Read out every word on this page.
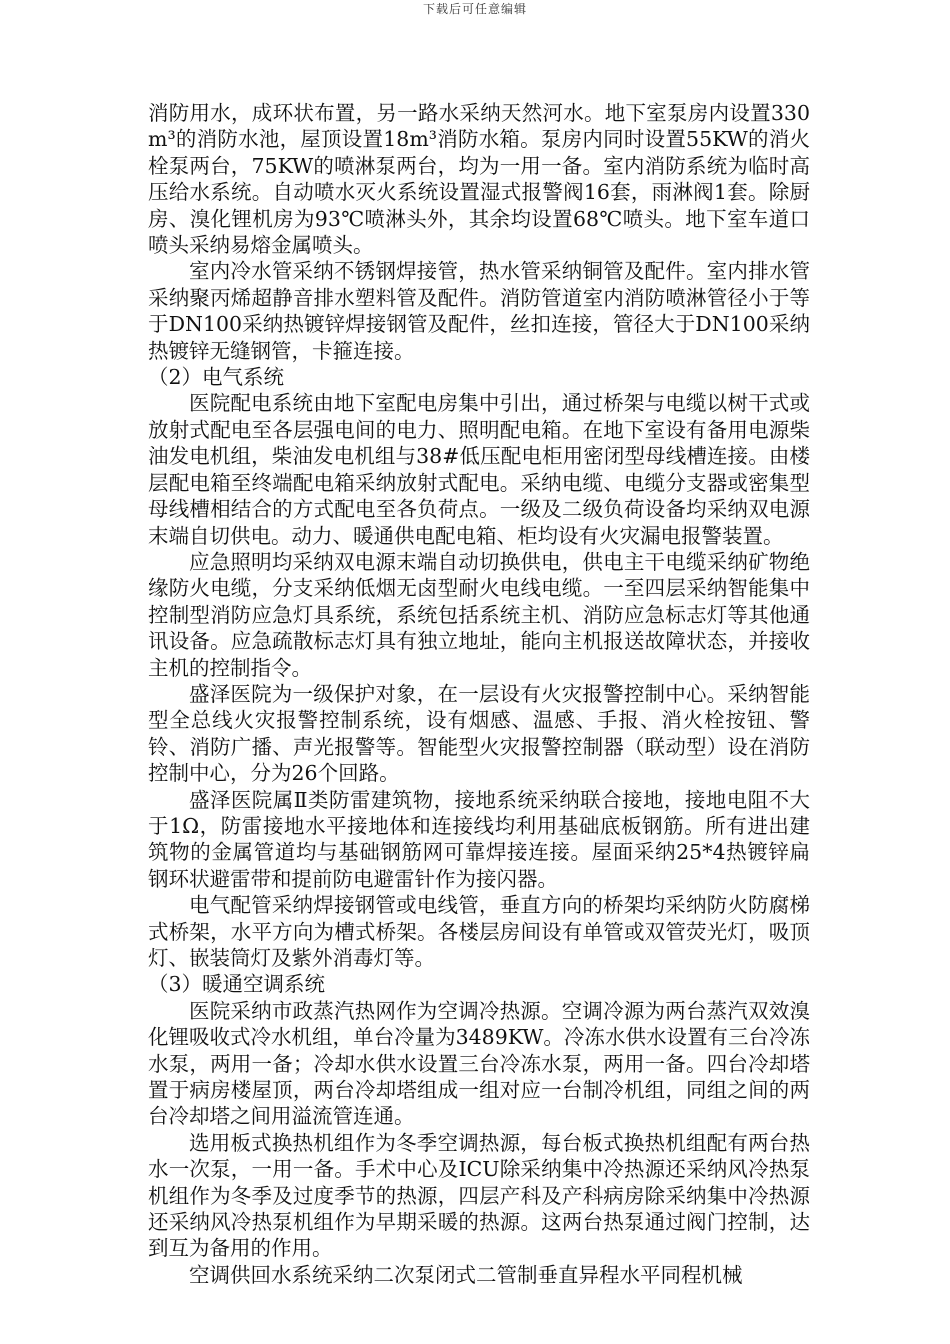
下载后可任意编辑

消防用水，成环状布置，另一路水采纳天然河水。地下室泵房内设置330m³的消防水池，屋顶设置18m³消防水箱。泵房内同时设置55KW的消火栓泵两台，75KW的喷淋泵两台，均为一用一备。室内消防系统为临时高压给水系统。自动喷水灭火系统设置湿式报警阀16套，雨淋阀1套。除厨房、溴化锂机房为93℃喷淋头外，其余均设置68℃喷头。地下室车道口喷头采纳易熔金属喷头。

室内冷水管采纳不锈钢焊接管，热水管采纳铜管及配件。室内排水管采纳聚丙烯超静音排水塑料管及配件。消防管道室内消防喷淋管径小于等于DN100采纳热镀锌焊接钢管及配件，丝扣连接，管径大于DN100采纳热镀锌无缝钢管，卡箍连接。

（2）电气系统

医院配电系统由地下室配电房集中引出，通过桥架与电缆以树干式或放射式配电至各层强电间的电力、照明配电箱。在地下室设有备用电源柴油发电机组，柴油发电机组与38#低压配电柜用密闭型母线槽连接。由楼层配电箱至终端配电箱采纳放射式配电。采纳电缆、电缆分支器或密集型母线槽相结合的方式配电至各负荷点。一级及二级负荷设备均采纳双电源末端自切供电。动力、暖通供电配电箱、柜均设有火灾漏电报警装置。

应急照明均采纳双电源末端自动切换供电，供电主干电缆采纳矿物绝缘防火电缆，分支采纳低烟无卤型耐火电线电缆。一至四层采纳智能集中控制型消防应急灯具系统，系统包括系统主机、消防应急标志灯等其他通讯设备。应急疏散标志灯具有独立地址，能向主机报送故障状态，并接收主机的控制指令。

盛泽医院为一级保护对象，在一层设有火灾报警控制中心。采纳智能型全总线火灾报警控制系统，设有烟感、温感、手报、消火栓按钮、警铃、消防广播、声光报警等。智能型火灾报警控制器（联动型）设在消防控制中心，分为26个回路。

盛泽医院属Ⅱ类防雷建筑物，接地系统采纳联合接地，接地电阻不大于1Ω，防雷接地水平接地体和连接线均利用基础底板钢筋。所有进出建筑物的金属管道均与基础钢筋网可靠焊接连接。屋面采纳25*4热镀锌扁钢环状避雷带和提前防电避雷针作为接闪器。

电气配管采纳焊接钢管或电线管，垂直方向的桥架均采纳防火防腐梯式桥架，水平方向为槽式桥架。各楼层房间设有单管或双管荧光灯，吸顶灯、嵌装筒灯及紫外消毒灯等。

（3）暖通空调系统

医院采纳市政蒸汽热网作为空调冷热源。空调冷源为两台蒸汽双效溴化锂吸收式冷水机组，单台冷量为3489KW。冷冻水供水设置有三台冷冻水泵，两用一备；冷却水供水设置三台冷冻水泵，两用一备。四台冷却塔置于病房楼屋顶，两台冷却塔组成一组对应一台制冷机组，同组之间的两台冷却塔之间用溢流管连通。

选用板式换热机组作为冬季空调热源，每台板式换热机组配有两台热水一次泵，一用一备。手术中心及ICU除采纳集中冷热源还采纳风冷热泵机组作为冬季及过度季节的热源，四层产科及产科病房除采纳集中冷热源还采纳风冷热泵机组作为早期采暖的热源。这两台热泵通过阀门控制，达到互为备用的作用。

空调供回水系统采纳二次泵闭式二管制垂直异程水平同程机械
